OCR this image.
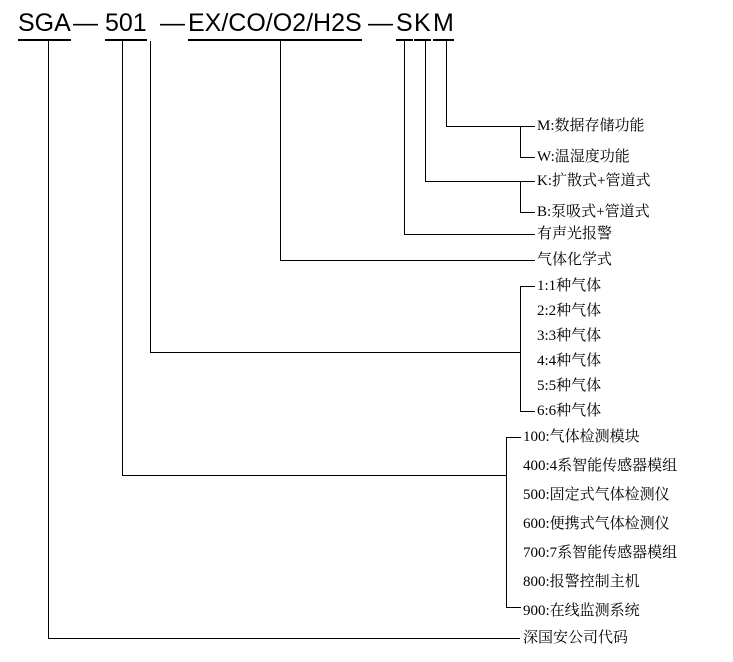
SGA — 501 — EX/CO/O2/H2S — S K M
M:数据存储功能
W:温湿度功能
K:扩散式+管道式
B:泵吸式+管道式
有声光报警
气体化学式
1:1种气体
2:2种气体
3:3种气体
4:4种气体
5:5种气体
6:6种气体
100:气体检测模块
400:4系智能传感器模组
500:固定式气体检测仪
600:便携式气体检测仪
700:7系智能传感器模组
800:报警控制主机
900:在线监测系统
深国安公司代码
